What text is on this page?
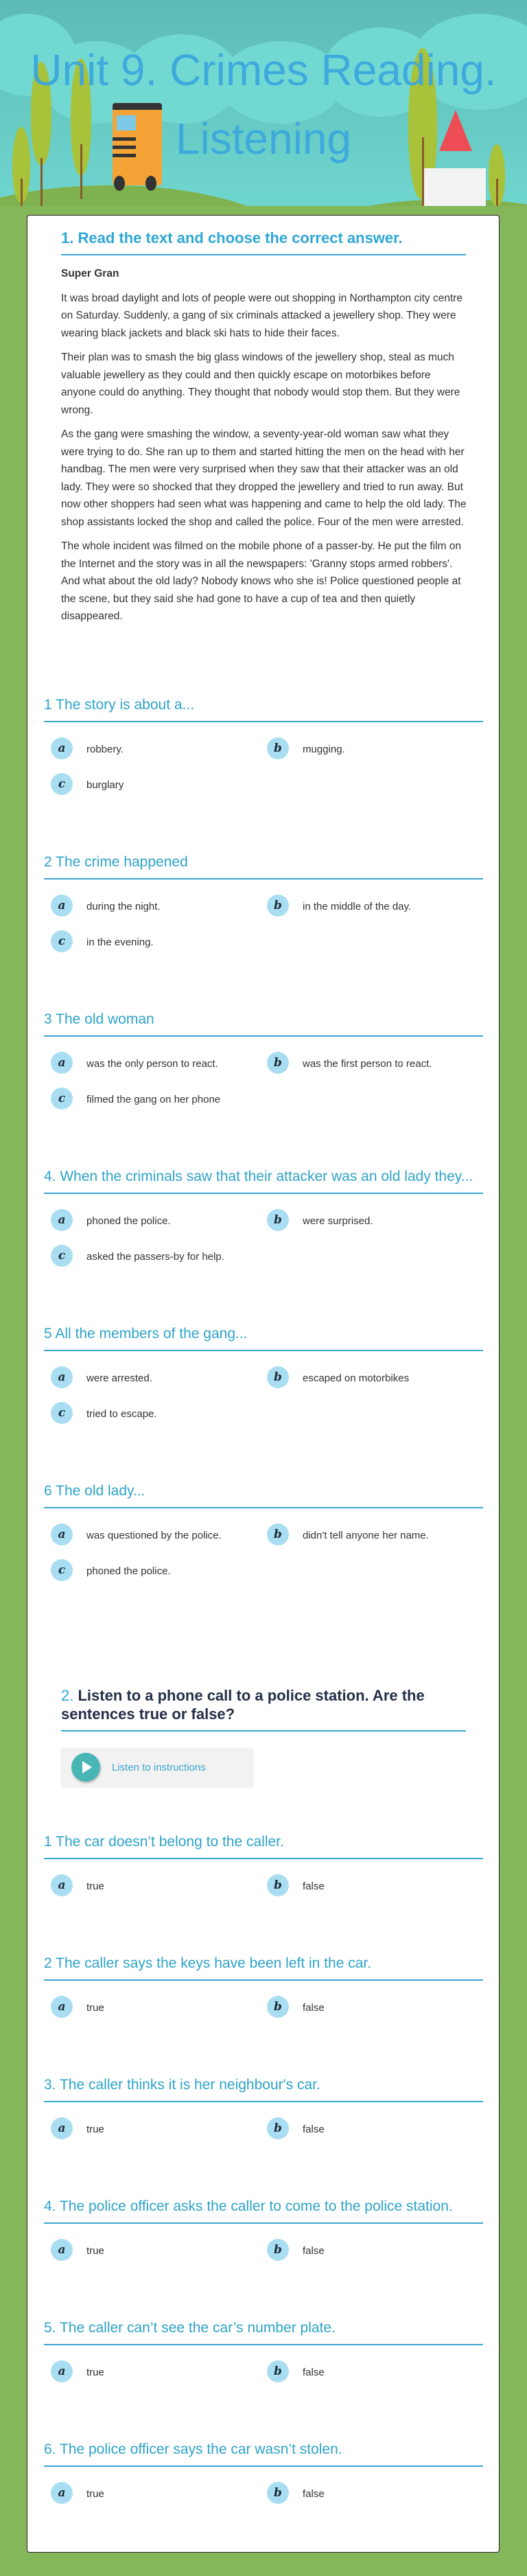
Unit 9. Crimes Reading. Listening
1. Read the text and choose the correct answer.

Super Gran

It was broad daylight and lots of people were out shopping in Northampton city centre on Saturday. Suddenly, a gang of six criminals attacked a jewellery shop. They were wearing black jackets and black ski hats to hide their faces.

Their plan was to smash the big glass windows of the jewellery shop, steal as much valuable jewellery as they could and then quickly escape on motorbikes before anyone could do anything. They thought that nobody would stop them. But they were wrong.

As the gang were smashing the window, a seventy-year-old woman saw what they were trying to do. She ran up to them and started hitting the men on the head with her handbag. The men were very surprised when they saw that their attacker was an old lady. They were so shocked that they dropped the jewellery and tried to run away. But now other shoppers had seen what was happening and came to help the old lady. The shop assistants locked the shop and called the police. Four of the men were arrested.

The whole incident was filmed on the mobile phone of a passer-by. He put the film on the Internet and the story was in all the newspapers: 'Granny stops armed robbers'. And what about the old lady? Nobody knows who she is! Police questioned people at the scene, but they said she had gone to have a cup of tea and then quietly disappeared.

1 The story is about a...
a	robbery.	b	mugging.
c	burglary
2 The crime happened
a	during the night.	b	in the middle of the day.
c	in the evening.
3 The old woman
a	was the only person to react.	b	was the first person to react.
c	filmed the gang on her phone
4. When the criminals saw that their attacker was an old lady they...
a	phoned the police.	b	were surprised.
c	asked the passers-by for help.
5 All the members of the gang...
a	were arrested.	b	escaped on motorbikes
c	tried to escape.
6 The old lady...
a	was questioned by the police.	b	didn't tell anyone her name.
c	phoned the police.
2. Listen to a phone call to a police station. Are the sentences true or false?
Listen to instructions
1 The car doesn’t belong to the caller.
a	true	b	false
2 The caller says the keys have been left in the car.
a	true	b	false
3. The caller thinks it is her neighbour's car.
a	true	b	false
4. The police officer asks the caller to come to the police station.
a	true	b	false
5. The caller can’t see the car’s number plate.
a	true	b	false
6. The police officer says the car wasn’t stolen.
a	true	b	false
